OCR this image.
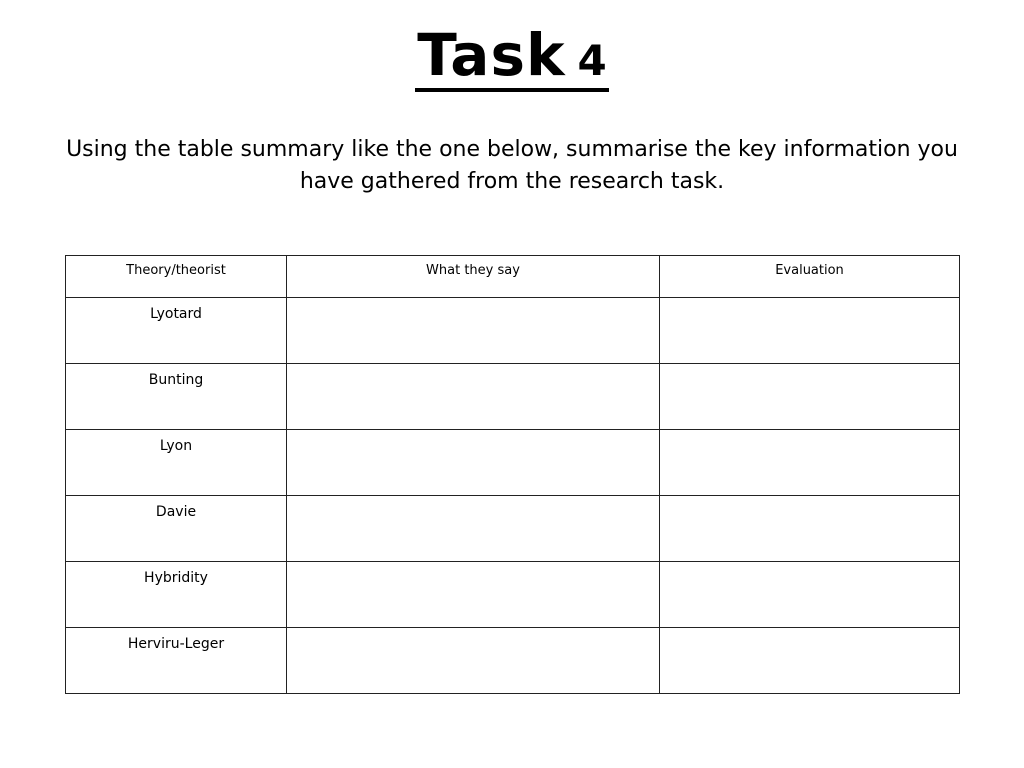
Task 4
Using the table summary like the one below, summarise the key information you have gathered from the research task.
Theory/theorist	What they say	Evaluation
Lyotard		
Bunting		
Lyon		
Davie		
Hybridity		
Herviru-Leger		
